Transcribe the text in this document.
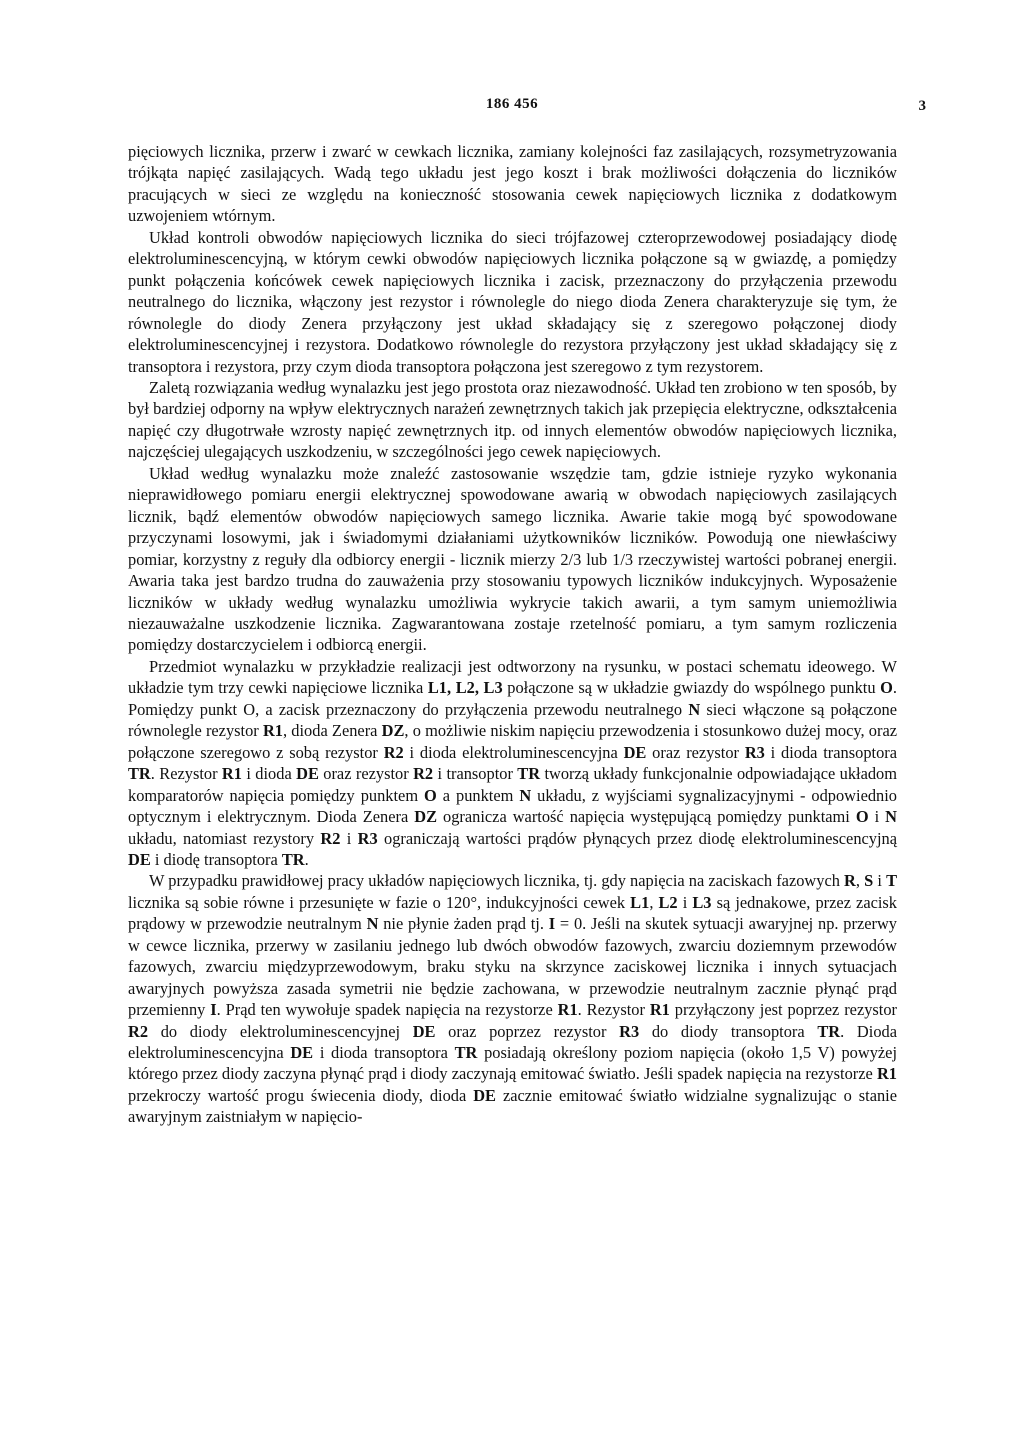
186 456	3

pięciowych licznika, przerw i zwarć w cewkach licznika, zamiany kolejności faz zasilających, rozsymetryzowania trójkąta napięć zasilających. Wadą tego układu jest jego koszt i brak możliwości dołączenia do liczników pracujących w sieci ze względu na konieczność stosowania cewek napięciowych licznika z dodatkowym uzwojeniem wtórnym.

Układ kontroli obwodów napięciowych licznika do sieci trójfazowej czteroprzewodowej posiadający diodę elektroluminescencyjną, w którym cewki obwodów napięciowych licznika połączone są w gwiazdę, a pomiędzy punkt połączenia końcówek cewek napięciowych licznika i zacisk, przeznaczony do przyłączenia przewodu neutralnego do licznika, włączony jest rezystor i równolegle do niego dioda Zenera charakteryzuje się tym, że równolegle do diody Zenera przyłączony jest układ składający się z szeregowo połączonej diody elektroluminescencyjnej i rezystora. Dodatkowo równolegle do rezystora przyłączony jest układ składający się z transoptora i rezystora, przy czym dioda transoptora połączona jest szeregowo z tym rezystorem.

Zaletą rozwiązania według wynalazku jest jego prostota oraz niezawodność. Układ ten zrobiono w ten sposób, by był bardziej odporny na wpływ elektrycznych narażeń zewnętrznych takich jak przepięcia elektryczne, odkształcenia napięć czy długotrwałe wzrosty napięć zewnętrznych itp. od innych elementów obwodów napięciowych licznika, najczęściej ulegających uszkodzeniu, w szczególności jego cewek napięciowych.

Układ według wynalazku może znaleźć zastosowanie wszędzie tam, gdzie istnieje ryzyko wykonania nieprawidłowego pomiaru energii elektrycznej spowodowane awarią w obwodach napięciowych zasilających licznik, bądź elementów obwodów napięciowych samego licznika. Awarie takie mogą być spowodowane przyczynami losowymi, jak i świadomymi działaniami użytkowników liczników. Powodują one niewłaściwy pomiar, korzystny z reguły dla odbiorcy energii - licznik mierzy 2/3 lub 1/3 rzeczywistej wartości pobranej energii. Awaria taka jest bardzo trudna do zauważenia przy stosowaniu typowych liczników indukcyjnych. Wyposażenie liczników w układy według wynalazku umożliwia wykrycie takich awarii, a tym samym uniemożliwia niezauważalne uszkodzenie licznika. Zagwarantowana zostaje rzetelność pomiaru, a tym samym rozliczenia pomiędzy dostarczycielem i odbiorcą energii.

Przedmiot wynalazku w przykładzie realizacji jest odtworzony na rysunku, w postaci schematu ideowego. W układzie tym trzy cewki napięciowe licznika L1, L2, L3 połączone są w układzie gwiazdy do wspólnego punktu O. Pomiędzy punkt O, a zacisk przeznaczony do przyłączenia przewodu neutralnego N sieci włączone są połączone równolegle rezystor R1, dioda Zenera DZ, o możliwie niskim napięciu przewodzenia i stosunkowo dużej mocy, oraz połączone szeregowo z sobą rezystor R2 i dioda elektroluminescencyjna DE oraz rezystor R3 i dioda transoptora TR. Rezystor R1 i dioda DE oraz rezystor R2 i transoptor TR tworzą układy funkcjonalnie odpowiadające układom komparatorów napięcia pomiędzy punktem O a punktem N układu, z wyjściami sygnalizacyjnymi - odpowiednio optycznym i elektrycznym. Dioda Zenera DZ ogranicza wartość napięcia występującą pomiędzy punktami O i N układu, natomiast rezystory R2 i R3 ograniczają wartości prądów płynących przez diodę elektroluminescencyjną DE i diodę transoptora TR.

W przypadku prawidłowej pracy układów napięciowych licznika, tj. gdy napięcia na zaciskach fazowych R, S i T licznika są sobie równe i przesunięte w fazie o 120°, indukcyjności cewek L1, L2 i L3 są jednakowe, przez zacisk prądowy w przewodzie neutralnym N nie płynie żaden prąd tj. I = 0. Jeśli na skutek sytuacji awaryjnej np. przerwy w cewce licznika, przerwy w zasilaniu jednego lub dwóch obwodów fazowych, zwarciu doziemnym przewodów fazowych, zwarciu międzyprzewodowym, braku styku na skrzynce zaciskowej licznika i innych sytuacjach awaryjnych powyższa zasada symetrii nie będzie zachowana, w przewodzie neutralnym zacznie płynąć prąd przemienny I. Prąd ten wywołuje spadek napięcia na rezystorze R1. Rezystor R1 przyłączony jest poprzez rezystor R2 do diody elektroluminescencyjnej DE oraz poprzez rezystor R3 do diody transoptora TR. Dioda elektroluminescencyjna DE i dioda transoptora TR posiadają określony poziom napięcia (około 1,5 V) powyżej którego przez diody zaczyna płynąć prąd i diody zaczynają emitować światło. Jeśli spadek napięcia na rezystorze R1 przekroczy wartość progu świecenia diody, dioda DE zacznie emitować światło widzialne sygnalizując o stanie awaryjnym zaistniałym w napięcio-
